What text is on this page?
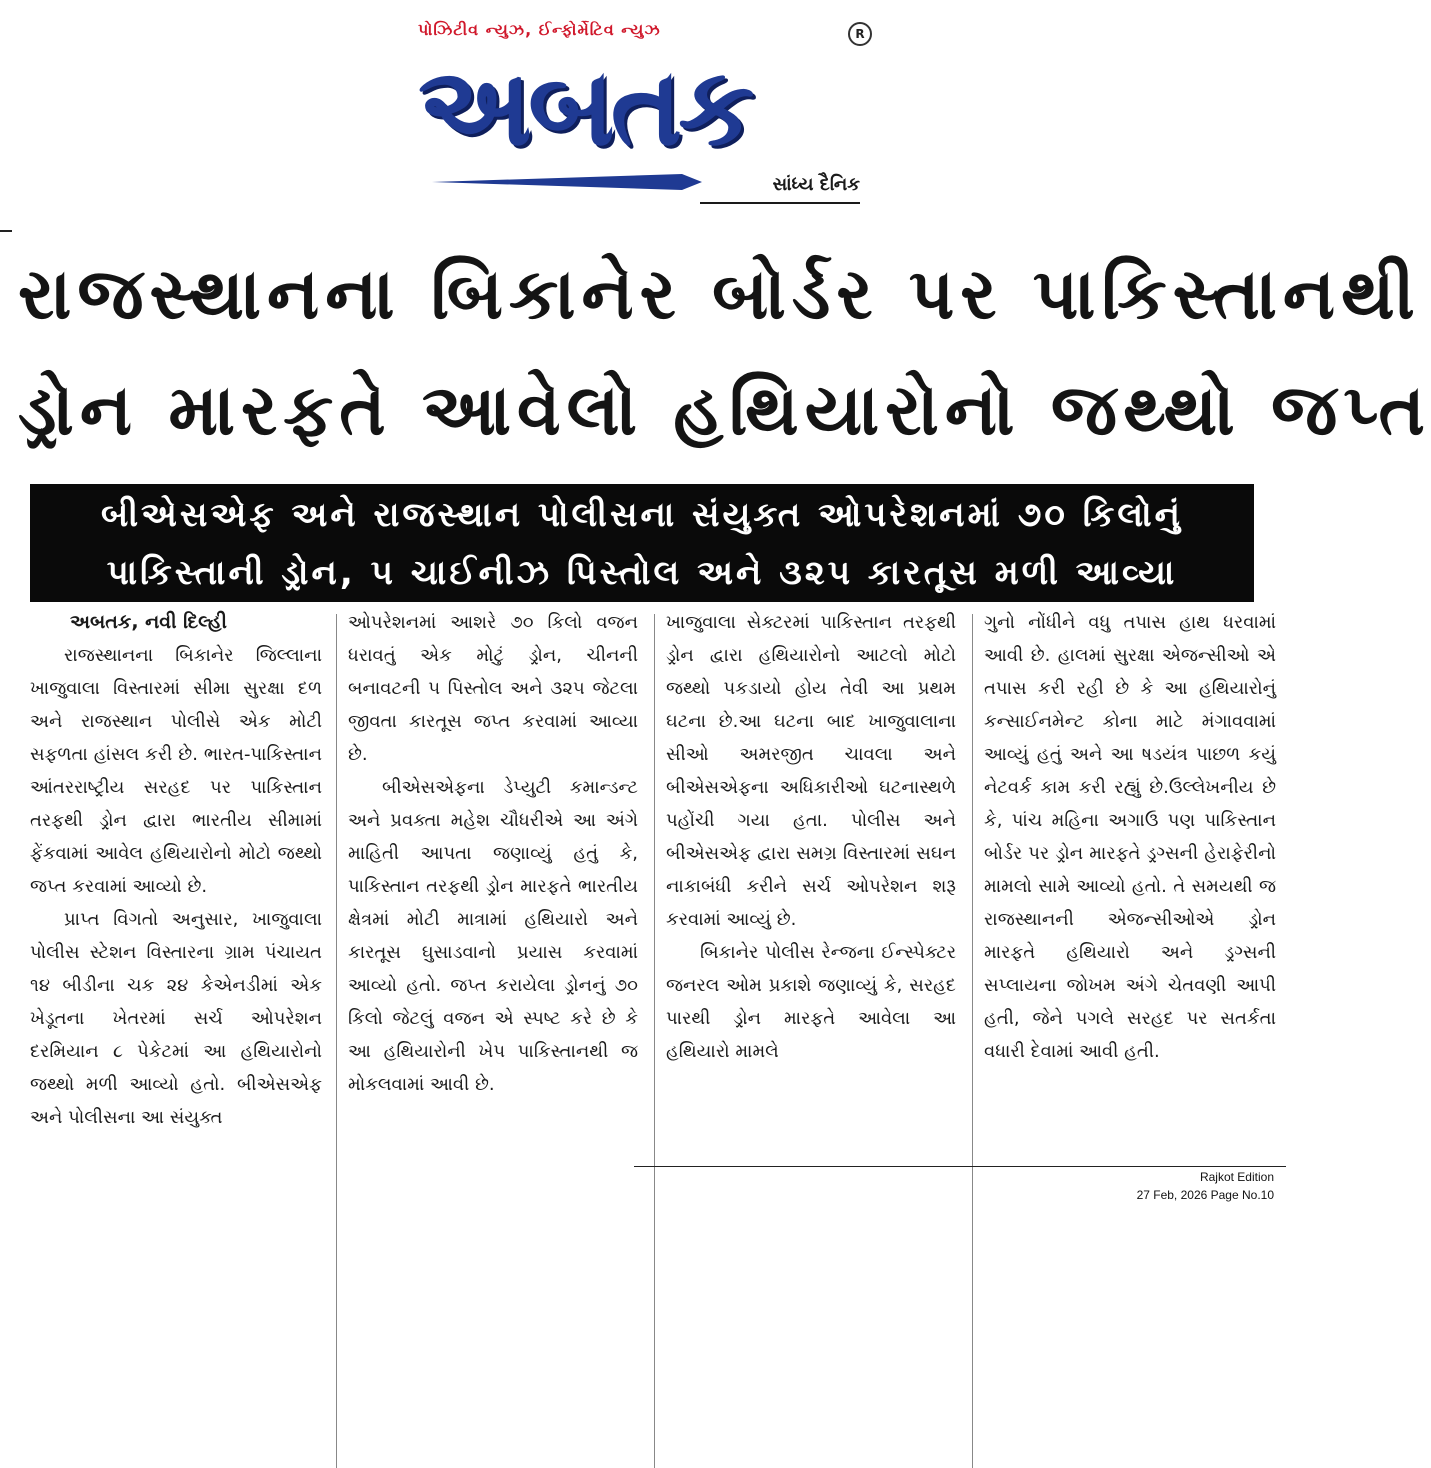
પોઝિટીવ ન્યુઝ, ઈન્ફોર્મેટિવ ન્યુઝ	R
અબતક
સાંધ્ય દૈનિક
રાજસ્થાનના બિકાનેર બોર્ડર પર પાકિસ્તાનથી
ડ્રોન મારફતે આવેલો હથિયારોનો જથ્થો જપ્ત
બીએસએફ અને રાજસ્થાન પોલીસના સંયુક્ત ઓપરેશનમાં ૭૦ કિલોનું
પાકિસ્તાની ડ્રોન, ૫ ચાઈનીઝ પિસ્તોલ અને ૩૨૫ કારતૂસ મળી આવ્યા

અબતક, નવી દિલ્હી

રાજસ્થાનના બિકાનેર જિલ્લાના ખાજુવાલા વિસ્તારમાં સીમા સુરક્ષા દળ અને રાજસ્થાન પોલીસે એક મોટી સફળતા હાંસલ કરી છે. ભારત-પાકિસ્તાન આંતરરાષ્ટ્રીય સરહદ પર પાકિસ્તાન તરફથી ડ્રોન દ્વારા ભારતીય સીમામાં ફેંકવામાં આવેલ હથિયારોનો મોટો જથ્થો જપ્ત કરવામાં આવ્યો છે.

પ્રાપ્ત વિગતો અનુસાર, ખાજુવાલા પોલીસ સ્ટેશન વિસ્તારના ગ્રામ પંચાયત ૧૪ બીડીના ચક ૨૪ કેએનડીમાં એક ખેડૂતના ખેતરમાં સર્ચ ઓપરેશન દરમિયાન ૮ પેકેટમાં આ હથિયારોનો જથ્થો મળી આવ્યો હતો. બીએસએફ અને પોલીસના આ સંયુક્ત

ઓપરેશનમાં આશરે ૭૦ કિલો વજન ધરાવતું એક મોટું ડ્રોન, ચીનની બનાવટની ૫ પિસ્તોલ અને ૩૨૫ જેટલા જીવતા કારતૂસ જપ્ત કરવામાં આવ્યા છે.

બીએસએફના ડેપ્યુટી કમાન્ડન્ટ અને પ્રવક્તા મહેશ ચૌધરીએ આ અંગે માહિતી આપતા જણાવ્યું હતું કે, પાકિસ્તાન તરફથી ડ્રોન મારફતે ભારતીય ક્ષેત્રમાં મોટી માત્રામાં હથિયારો અને કારતૂસ ઘુસાડવાનો પ્રયાસ કરવામાં આવ્યો હતો. જપ્ત કરાયેલા ડ્રોનનું ૭૦ કિલો જેટલું વજન એ સ્પષ્ટ કરે છે કે આ હથિયારોની ખેપ પાકિસ્તાનથી જ મોકલવામાં આવી છે.

ખાજુવાલા સેક્ટરમાં પાકિસ્તાન તરફથી ડ્રોન દ્વારા હથિયારોનો આટલો મોટો જથ્થો પકડાયો હોય તેવી આ પ્રથમ ઘટના છે.આ ઘટના બાદ ખાજુવાલાના સીઓ અમરજીત ચાવલા અને બીએસએફના અધિકારીઓ ઘટનાસ્થળે પહોંચી ગયા હતા. પોલીસ અને બીએસએફ દ્વારા સમગ્ર વિસ્તારમાં સઘન નાકાબંધી કરીને સર્ચ ઓપરેશન શરૂ કરવામાં આવ્યું છે.

બિકાનેર પોલીસ રેન્જના ઈન્સ્પેક્ટર જનરલ ઓમ પ્રકાશે જણાવ્યું કે, સરહદ પારથી ડ્રોન મારફતે આવેલા આ હથિયારો મામલે

ગુનો નોંધીને વધુ તપાસ હાથ ધરવામાં આવી છે. હાલમાં સુરક્ષા એજન્સીઓ એ તપાસ કરી રહી છે કે આ હથિયારોનું કન્સાઈનમેન્ટ કોના માટે મંગાવવામાં આવ્યું હતું અને આ ષડયંત્ર પાછળ કયું નેટવર્ક કામ કરી રહ્યું છે.ઉલ્લેખનીય છે કે, પાંચ મહિના અગાઉ પણ પાકિસ્તાન બોર્ડર પર ડ્રોન મારફતે ડ્રગ્સની હેરાફેરીનો મામલો સામે આવ્યો હતો. તે સમયથી જ રાજસ્થાનની એજન્સીઓએ ડ્રોન મારફતે હથિયારો અને ડ્રગ્સની સપ્લાયના જોખમ અંગે ચેતવણી આપી હતી, જેને પગલે સરહદ પર સતર્કતા વધારી દેવામાં આવી હતી.

Rajkot Edition
27 Feb, 2026 Page No.10
